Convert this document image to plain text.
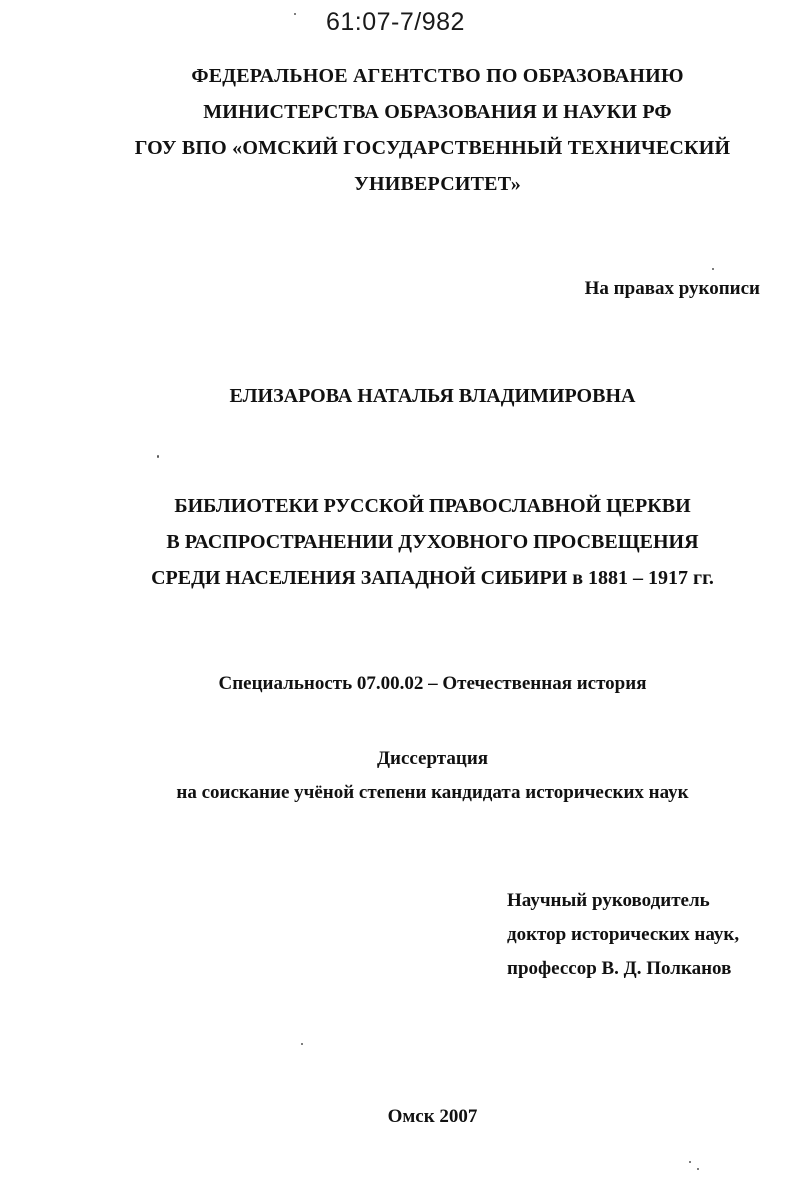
61:07-7/982
ФЕДЕРАЛЬНОЕ АГЕНТСТВО ПО ОБРАЗОВАНИЮ
МИНИСТЕРСТВА ОБРАЗОВАНИЯ И НАУКИ РФ
ГОУ ВПО «ОМСКИЙ ГОСУДАРСТВЕННЫЙ ТЕХНИЧЕСКИЙ
УНИВЕРСИТЕТ»
На правах рукописи
ЕЛИЗАРОВА НАТАЛЬЯ ВЛАДИМИРОВНА
БИБЛИОТЕКИ РУССКОЙ ПРАВОСЛАВНОЙ ЦЕРКВИ
В РАСПРОСТРАНЕНИИ ДУХОВНОГО ПРОСВЕЩЕНИЯ
СРЕДИ НАСЕЛЕНИЯ ЗАПАДНОЙ СИБИРИ в 1881 – 1917 гг.
Специальность 07.00.02 – Отечественная история
Диссертация
на соискание учёной степени кандидата исторических наук
Научный руководитель
доктор исторических наук,
профессор В. Д. Полканов
Омск 2007
